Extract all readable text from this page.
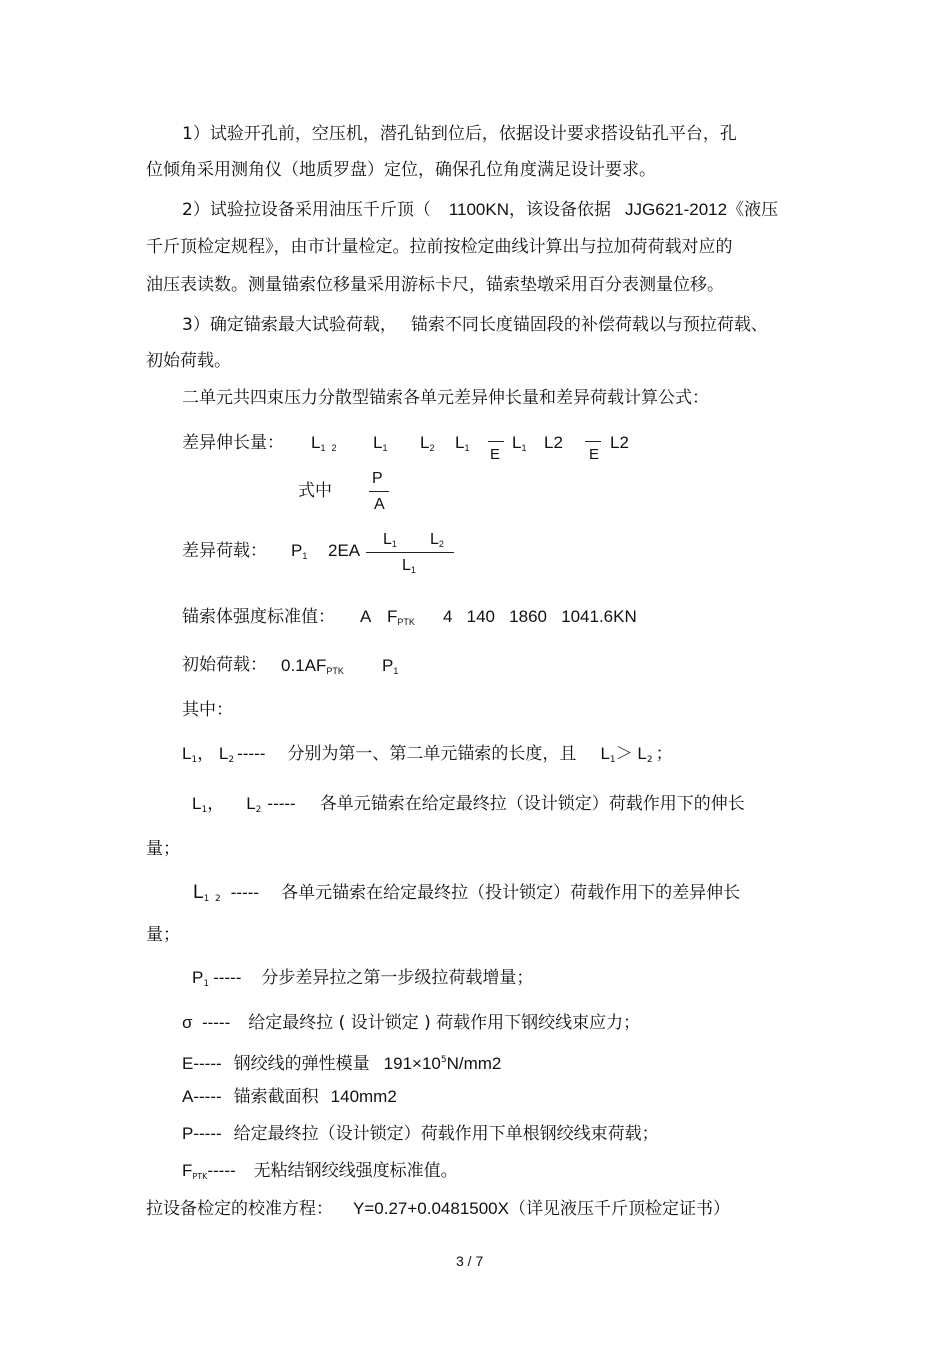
1）试验开孔前，空压机，潜孔钻到位后，依据设计要求搭设钻孔平台，孔
位倾角采用测角仪（地质罗盘）定位，确保孔位角度满足设计要求。
2）试验拉设备采用油压千斤顶（ 1100KN，该设备依据 JJG621-2012《液压
千斤顶检定规程》，由市计量检定。拉前按检定曲线计算出与拉加荷荷载对应的
油压表读数。测量锚索位移量采用游标卡尺，锚索垫墩采用百分表测量位移。
3）确定锚索最大试验荷载， 锚索不同长度锚固段的补偿荷载以与预拉荷载、
初始荷载。
二单元共四束压力分散型锚索各单元差异伸长量和差异荷载计算公式：
差异伸长量： $L_1$ $_2$ $L_1$ $L_2$ $L_1$ E
$L_1$ L2
E
L2
式中
P
A
差异荷载： $P_1$ 2EA
$L_1$ $L_2$
$L_1$
锚索体强度标准值： A $F_{PTK}$ 4   140   1860   1041.6KN
初始荷载： $0.1AF_{PTK}$ $P_1$
其中：
$L_1$， $L_2$ ----- 分别为第一、第二单元锚索的长度，且 $L_1> L_2$ ；
$L_1$， $L_2$ ----- 各单元锚索在给定最终拉（设计锁定）荷载作用下的伸长
量；
$L_{1 2}$ ----- 各单元锚索在给定最终拉（投计锁定）荷载作用下的差异伸长
量；
$P_1$ ----- 分步差异拉之第一步级拉荷载增量；
σ  ----- 给定最终拉 ( 设计锁定 ) 荷载作用下钢绞线束应力；
E----- 钢绞线的弹性模量 $191\times 10^5N/mm2$
A----- 锚索截面积 140mm2
P----- 给定最终拉（设计锁定）荷载作用下单根钢绞线束荷载；
$F_{PTK}-----$ 无粘结钢绞线强度标准值。
拉设备检定的校准方程： Y=0.27+0.0481500X（详见液压千斤顶检定证书）
3 / 7
